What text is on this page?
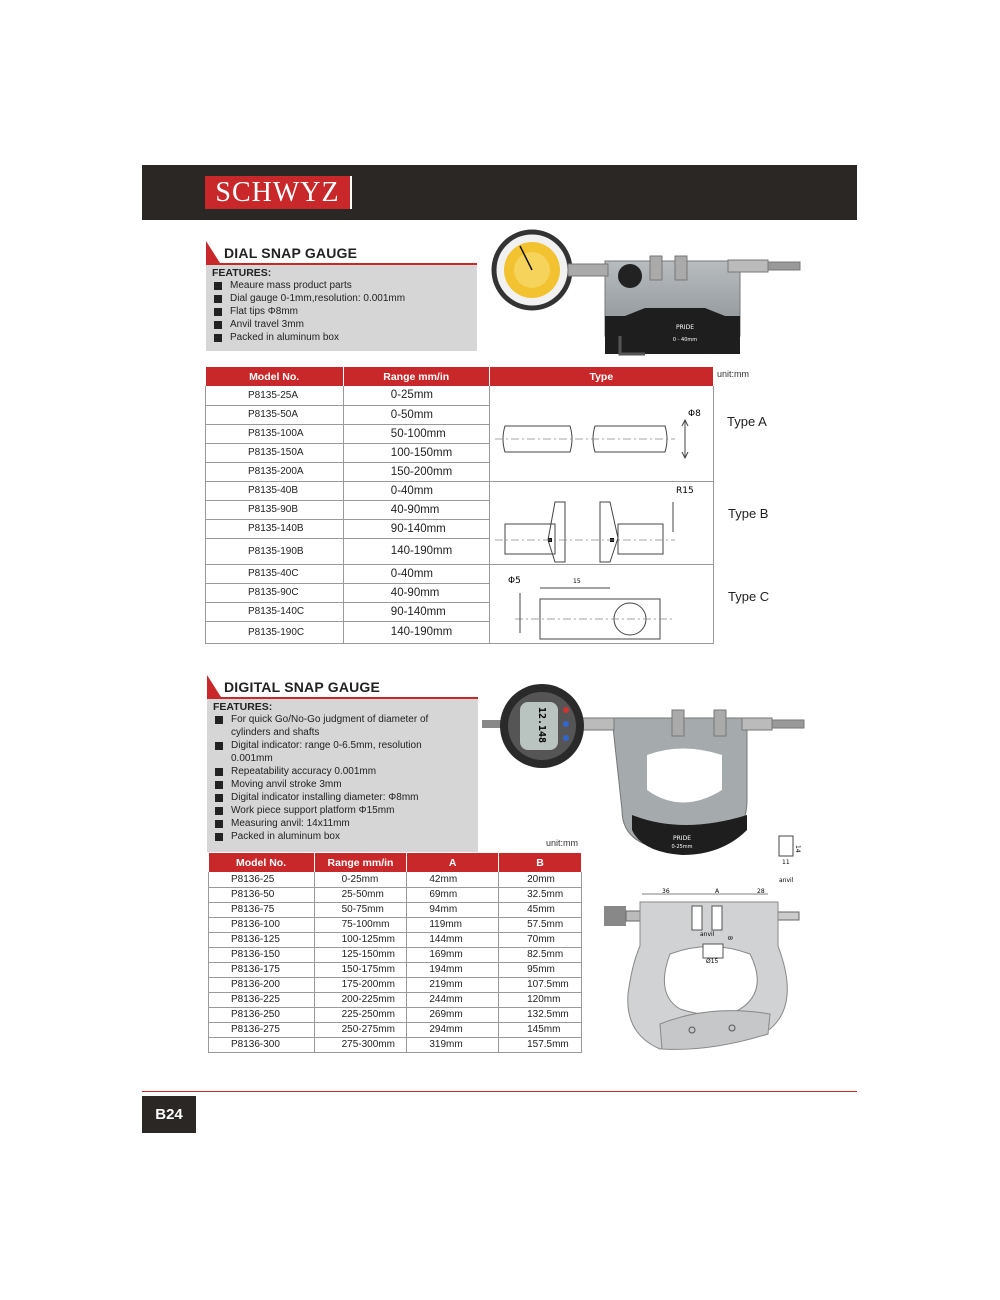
SCHWYZ
DIAL SNAP GAUGE
FEATURES:
Meaure mass product parts
Dial gauge 0-1mm,resolution: 0.001mm
Flat tips Φ8mm
Anvil travel 3mm
Packed in aluminum box
PRIDE
0 - 40mm
Model No.	Range mm/in	Type
P8135-25A	0-25mm	
P8135-50A	0-50mm	
P8135-100A	50-100mm	
P8135-150A	100-150mm	
P8135-200A	150-200mm	
P8135-40B	0-40mm	
P8135-90B	40-90mm	
P8135-140B	90-140mm	
P8135-190B	140-190mm	
P8135-40C	0-40mm	
P8135-90C	40-90mm	
P8135-140C	90-140mm	
P8135-190C	140-190mm	
unit:mm
Type A
Type B
Type C
Φ8
R15
Φ5	15
DIGITAL SNAP GAUGE
FEATURES:
For quick Go/No-Go judgment of diameter of cylinders and shafts
Digital indicator: range 0-6.5mm, resolution 0.001mm
Repeatability accuracy 0.001mm
Moving anvil stroke 3mm
Digital indicator installing diameter: Φ8mm
Work piece support platform Φ15mm
Measuring anvil: 14x11mm
Packed in aluminum box	PRIDE
0-25mm
12.148
unit:mm
14
11
anvil
Model No.	Range mm/in	A	B
P8136-25	0-25mm	42mm	20mm
P8136-50	25-50mm	69mm	32.5mm
P8136-75	50-75mm	94mm	45mm
P8136-100	75-100mm	119mm	57.5mm
P8136-125	100-125mm	144mm	70mm
P8136-150	125-150mm	169mm	82.5mm
P8136-175	150-175mm	194mm	95mm
P8136-200	175-200mm	219mm	107.5mm
P8136-225	200-225mm	244mm	120mm
P8136-250	225-250mm	269mm	132.5mm
P8136-275	250-275mm	294mm	145mm
P8136-300	275-300mm	319mm	157.5mm
36	A	28
anvil
B
Ø15
B24
